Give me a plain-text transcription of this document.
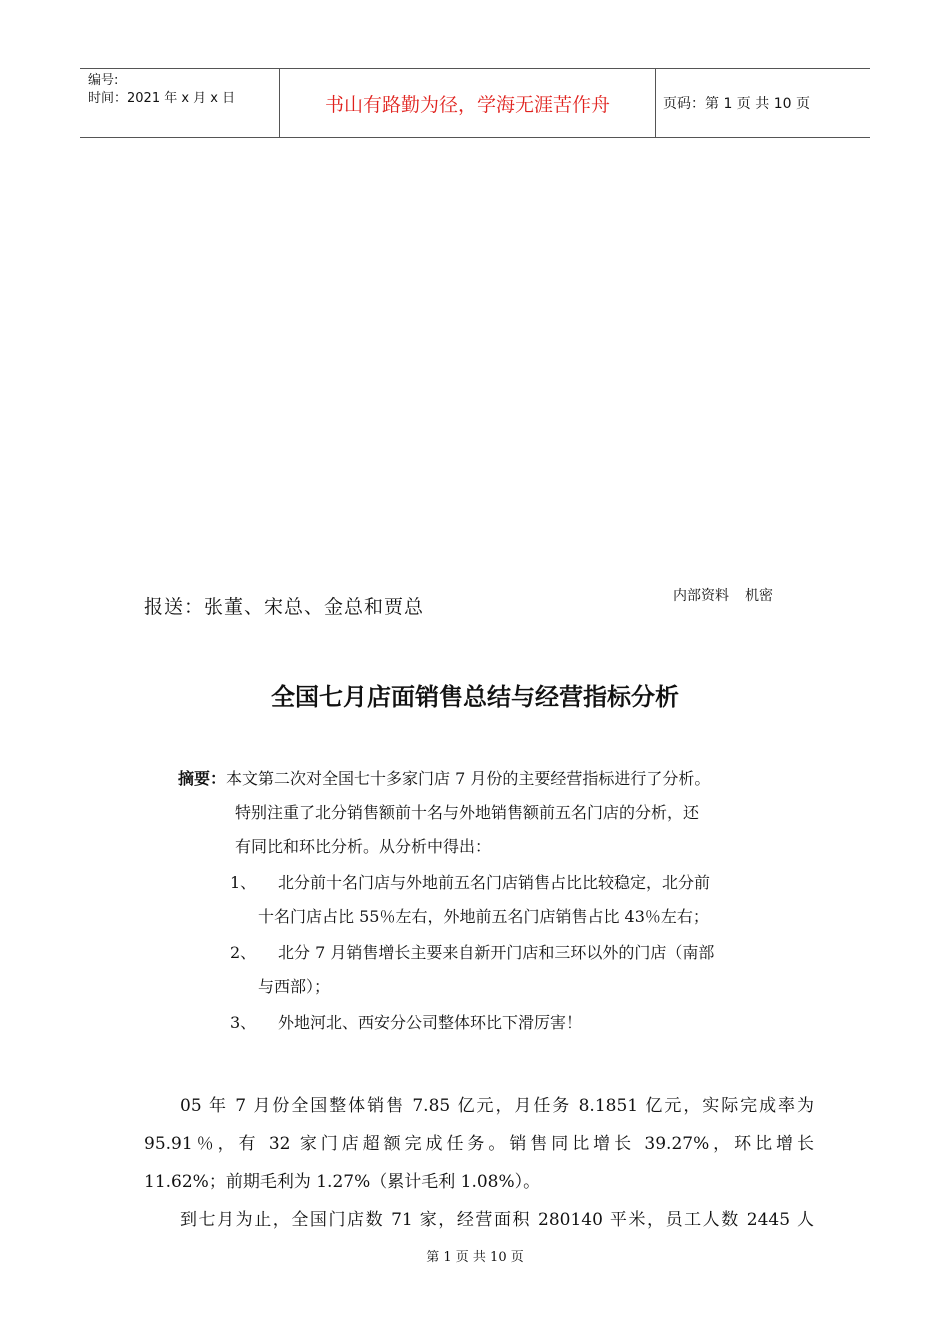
编号:
时间：2021 年 x 月 x 日	书山有路勤为径，学海无涯苦作舟	页码：第 1 页 共 10 页
报送：张董、宋总、金总和贾总	内部资料 机密
全国七月店面销售总结与经营指标分析
摘要：本文第二次对全国七十多家门店 7 月份的主要经营指标进行了分析。
特别注重了北分销售额前十名与外地销售额前五名门店的分析，还
有同比和环比分析。从分析中得出：
1、	北分前十名门店与外地前五名门店销售占比比较稳定，北分前
十名门店占比 55％左右，外地前五名门店销售占比 43％左右；
2、	北分 7 月销售增长主要来自新开门店和三环以外的门店（南部
与西部）；
3、	外地河北、西安分公司整体环比下滑厉害！

05 年 7 月份全国整体销售 7.85 亿元，月任务 8.1851 亿元，实际完成率为

95.91％，有 32 家门店超额完成任务。销售同比增长 39.27%，环比增长

11.62%；前期毛利为 1.27%（累计毛利 1.08%）。

到七月为止，全国门店数 71 家，经营面积 280140 平米，员工人数 2445 人

第 1 页 共 10 页
